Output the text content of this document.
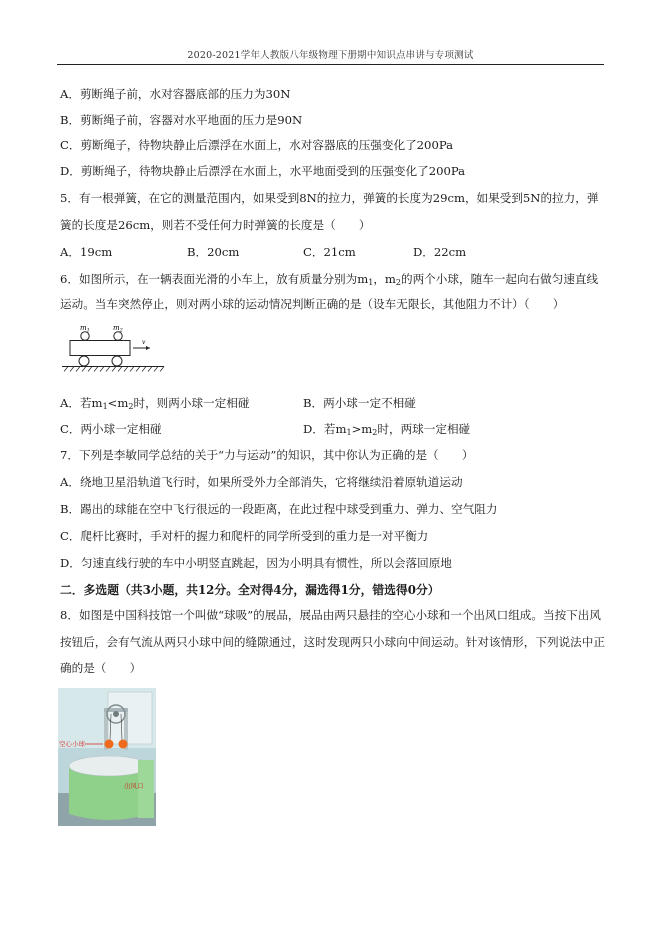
2020-2021学年人教版八年级物理下册期中知识点串讲与专项测试
A．剪断绳子前，水对容器底部的压力为30N
B．剪断绳子前，容器对水平地面的压力是90N
C．剪断绳子，待物块静止后漂浮在水面上，水对容器底的压强变化了200Pa
D．剪断绳子，待物块静止后漂浮在水面上，水平地面受到的压强变化了200Pa
5．有一根弹簧，在它的测量范围内，如果受到8N的拉力，弹簧的长度为29cm，如果受到5N的拉力，弹
簧的长度是26cm，则若不受任何力时弹簧的长度是（　　）
A．19cm	B．20cm	C．21cm	D．22cm
6．如图所示，在一辆表面光滑的小车上，放有质量分别为$m_1$，$m_2$的两个小球，随车一起向右做匀速直线
运动。当车突然停止，则对两小球的运动情况判断正确的是（设车无限长，其他阻力不计）（　　）
$m_1$	$m_2$
v
A．若$m_1<m_2$时，则两小球一定相碰	B．两小球一定不相碰
C．两小球一定相碰	D．若$m_1>m_2$时，两球一定相碰
7．下列是李敏同学总结的关于“力与运动”的知识，其中你认为正确的是（　　）
A．绕地卫星沿轨道飞行时，如果所受外力全部消失，它将继续沿着原轨道运动
B．踢出的球能在空中飞行很远的一段距离，在此过程中球受到重力、弹力、空气阻力
C．爬杆比赛时，手对杆的握力和爬杆的同学所受到的重力是一对平衡力
D．匀速直线行驶的车中小明竖直跳起，因为小明具有惯性，所以会落回原地
二．多选题（共3小题，共12分。全对得4分，漏选得1分，错选得0分）
8．如图是中国科技馆一个叫做“球吸”的展品，展品由两只悬挂的空心小球和一个出风口组成。当按下出风
按钮后，会有气流从两只小球中间的缝隙通过，这时发现两只小球向中间运动。针对该情形，下列说法中正
确的是（　　）
空心小球
出风口
